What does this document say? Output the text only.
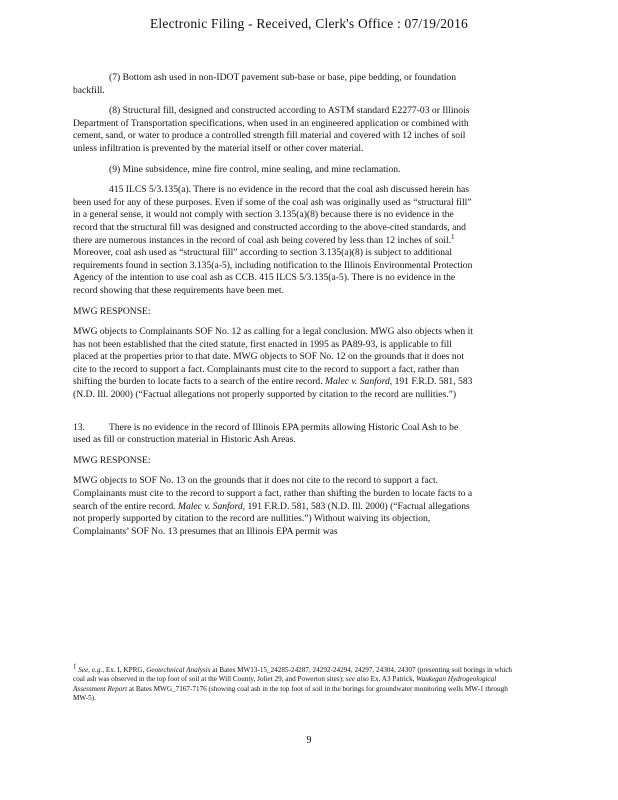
Electronic Filing - Received, Clerk's Office : 07/19/2016

(7) Bottom ash used in non-IDOT pavement sub-base or base, pipe bedding, or foundation backfill.

(8) Structural fill, designed and constructed according to ASTM standard E2277-03 or Illinois Department of Transportation specifications, when used in an engineered application or combined with cement, sand, or water to produce a controlled strength fill material and covered with 12 inches of soil unless infiltration is prevented by the material itself or other cover material.

(9) Mine subsidence, mine fire control, mine sealing, and mine reclamation.

415 ILCS 5/3.135(a). There is no evidence in the record that the coal ash discussed herein has been used for any of these purposes. Even if some of the coal ash was originally used as “structural fill” in a general sense, it would not comply with section 3.135(a)(8) because there is no evidence in the record that the structural fill was designed and constructed according to the above-cited standards, and there are numerous instances in the record of coal ash being covered by less than 12 inches of soil.$^1$ Moreover, coal ash used as “structural fill” according to section 3.135(a)(8) is subject to additional requirements found in section 3.135(a-5), including notification to the Illinois Environmental Protection Agency of the intention to use coal ash as CCB. 415 ILCS 5/3.135(a-5). There is no evidence in the record showing that these requirements have been met.

MWG RESPONSE:

MWG objects to Complainants SOF No. 12 as calling for a legal conclusion. MWG also objects when it has not been established that the cited statute, first enacted in 1995 as PA89-93, is applicable to fill placed at the properties prior to that date. MWG objects to SOF No. 12 on the grounds that it does not cite to the record to support a fact. Complainants must cite to the record to support a fact, rather than shifting the burden to locate facts to a search of the entire record. Malec v. Sanford, 191 F.R.D. 581, 583 (N.D. Ill. 2000) (“Factual allegations not properly supported by citation to the record are nullities.”)

13.	There is no evidence in the record of Illinois EPA permits allowing Historic Coal Ash to be used as fill or construction material in Historic Ash Areas.

MWG RESPONSE:

MWG objects to SOF No. 13 on the grounds that it does not cite to the record to support a fact. Complainants must cite to the record to support a fact, rather than shifting the burden to locate facts to a search of the entire record. Malec v. Sanford, 191 F.R.D. 581, 583 (N.D. Ill. 2000) (“Factual allegations not properly supported by citation to the record are nullities.”) Without waiving its objection, Complainants’ SOF No. 13 presumes that an Illinois EPA permit was

1 See, e.g., Ex. I, KPRG, Geotechnical Analysis at Bates MW13-15_24285-24287, 24292-24294, 24297, 24304, 24307 (presenting soil borings in which coal ash was observed in the top foot of soil at the Will County, Joliet 29, and Powerton sites); see also Ex. A3 Patrick, Waukegan Hydrogeological Assessment Report at Bates MWG_7167-7176 (showing coal ash in the top foot of soil in the borings for groundwater monitoring wells MW-1 through MW-5).

9
